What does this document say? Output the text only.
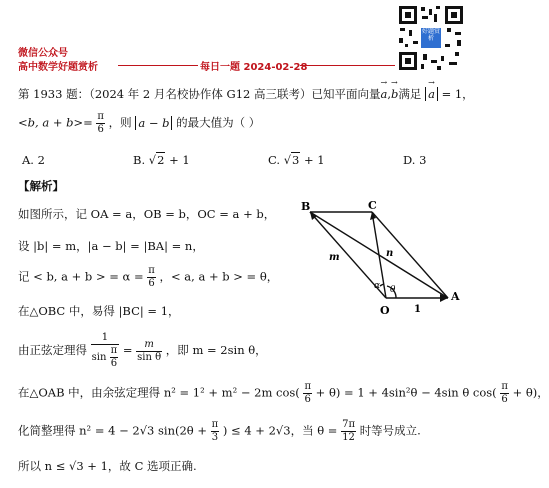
微信公众号
高中数学好题赏析	每日一题 2024-02-28
好题赏析
第 1933 题：（2024 年 2 月名校协作体 G12 高三联考）已知平面向量→ a,→ b满足 → a = 1，
<b, $a + b>= \frac{\pi}{6}$ ，则 a − b 的最大值为（ ）
A. 2	B. √2 + 1	C. √3 + 1	D. 3
【解析】
如图所示，记 OA = a，OB = b，OC = a + b，
设 |b| = m，|a − b| = |BA| = n，
记 < b, a + b > = $\alpha = \frac{\pi}{6}$ ，< a, a + b > = θ，
在△OBC 中，易得 |BC| = 1，
由正弦定理得 $\frac{1}{\sin \frac{\pi}{6}} = \frac{m}{\text{sin θ}}$ ，即 m = 2sin θ，
在△OAB 中，由余弦定理得 n² = 1² + m² − 2m $\cos( \frac{\pi}{6} + \theta) = 1 + 4\sin^2\theta - 4\sin$ θ $\cos( \frac{\pi}{6} + \theta)$，
化简整理得 n² = 4 − 2√3 $\sin(2\theta + \frac{\pi}{3}$ ) ≤ 4 + 2√3，当 $\theta = \frac{7\pi}{12}$ 时等号成立.
所以 n ≤ √3 + 1，故 C 选项正确.
B	C
O
A
m	n
1
α θ
